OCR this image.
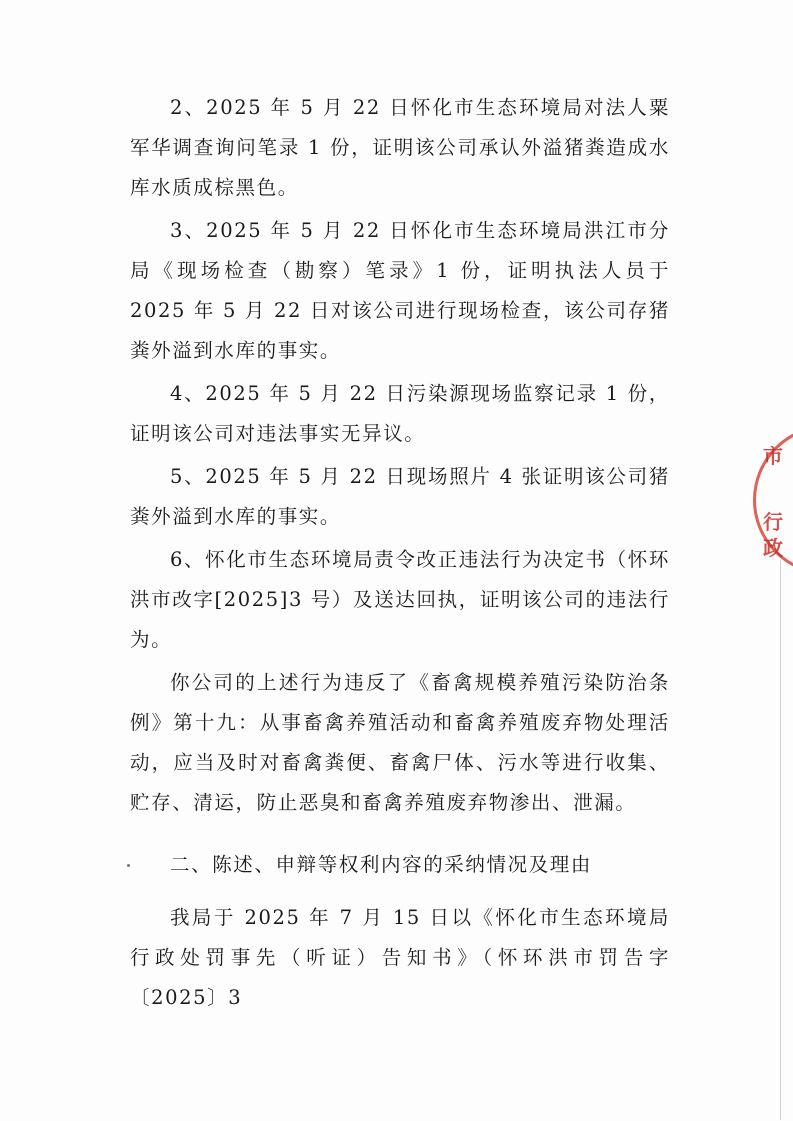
2、2025 年 5 月 22 日怀化市生态环境局对法人粟军华调查询问笔录 1 份，证明该公司承认外溢猪粪造成水库水质成棕黑色。

3、2025 年 5 月 22 日怀化市生态环境局洪江市分局《现场检查（勘察）笔录》1 份，证明执法人员于 2025 年 5 月 22 日对该公司进行现场检查，该公司存猪粪外溢到水库的事实。

4、2025 年 5 月 22 日污染源现场监察记录 1 份，证明该公司对违法事实无异议。

5、2025 年 5 月 22 日现场照片 4 张证明该公司猪粪外溢到水库的事实。

6、怀化市生态环境局责令改正违法行为决定书（怀环洪市改字[2025]3 号）及送达回执，证明该公司的违法行为。

你公司的上述行为违反了《畜禽规模养殖污染防治条例》第十九：从事畜禽养殖活动和畜禽养殖废弃物处理活动，应当及时对畜禽粪便、畜禽尸体、污水等进行收集、贮存、清运，防止恶臭和畜禽养殖废弃物渗出、泄漏。

二、陈述、申辩等权利内容的采纳情况及理由

我局于 2025 年 7 月 15 日以《怀化市生态环境局行政处罚事先（听证）告知书》（怀环洪市罚告字〔2025〕3

市
行
政
